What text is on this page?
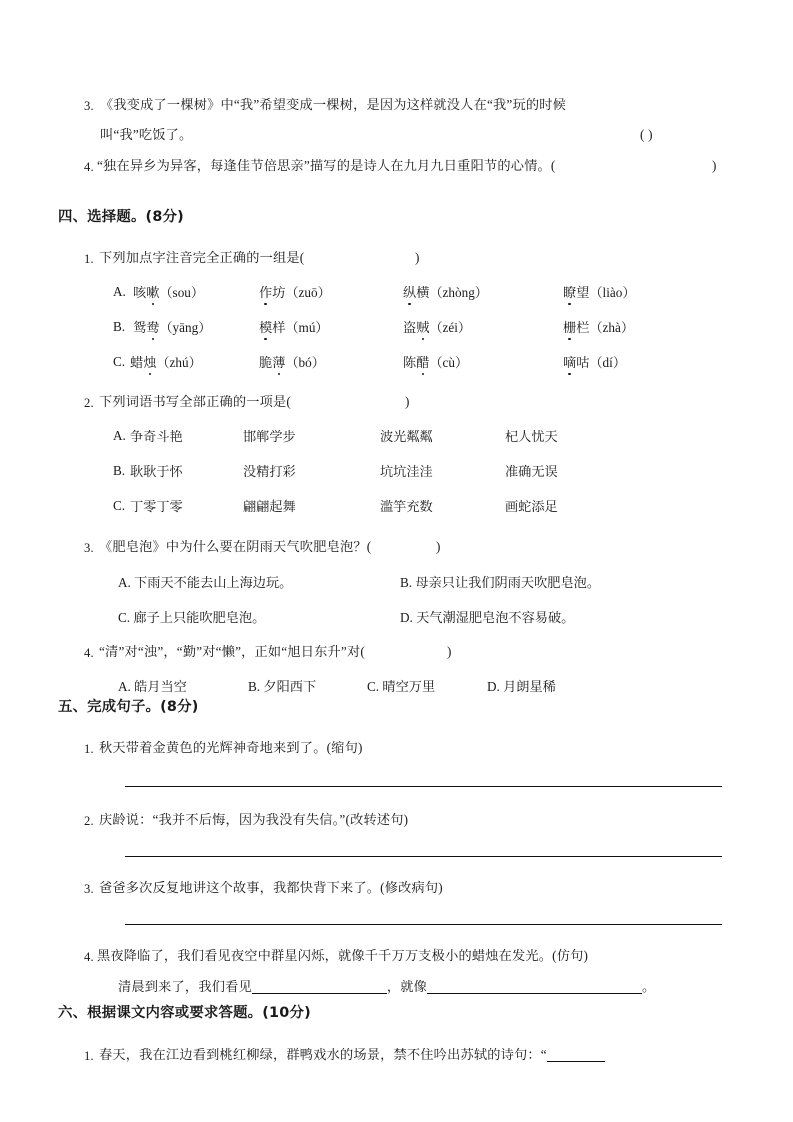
3. 《我变成了一棵树》中“我”希望变成一棵树，是因为这样就没人在“我”玩的时候
叫“我”吃饭了。	( )
4. “独在异乡为异客，每逢佳节倍思亲”描写的是诗人在九月九日重阳节的心情。(	)
四、选择题。(8分)
1. 下列加点字注音完全正确的一组是(	)
A. 咳嗽（sou）	作坊（zuō）	纵横（zhòng）	瞭望（liào）
B. 鸳鸯（yāng）	模样（mú）	盗贼（zéi）	栅栏（zhà）
C. 蜡烛（zhú）	脆薄（bó）	陈醋（cù）	嘀咕（dí）
2. 下列词语书写全部正确的一项是(	)
A. 争奇斗艳	邯郸学步	波光粼粼	杞人忧天
B. 耿耿于怀	没精打彩	坑坑洼洼	准确无误
C. 丁零丁零	翩翩起舞	滥竽充数	画蛇添足
3. 《肥皂泡》中为什么要在阴雨天气吹肥皂泡？(	)
A. 下雨天不能去山上海边玩。	B. 母亲只让我们阴雨天吹肥皂泡。
C. 廊子上只能吹肥皂泡。	D. 天气潮湿肥皂泡不容易破。
4. “清”对“浊”，“勤”对“懒”，正如“旭日东升”对(	)
A. 皓月当空	B. 夕阳西下	C. 晴空万里	D. 月朗星稀
五、完成句子。(8分)
1. 秋天带着金黄色的光辉神奇地来到了。(缩句)
2. 庆龄说：“我并不后悔，因为我没有失信。”(改转述句)
3. 爸爸多次反复地讲这个故事，我都快背下来了。(修改病句)
4. 黑夜降临了，我们看见夜空中群星闪烁，就像千千万万支极小的蜡烛在发光。(仿句)
清晨到来了，我们看见	，就像	。
六、根据课文内容或要求答题。(10分)
1. 春天，我在江边看到桃红柳绿，群鸭戏水的场景，禁不住吟出苏轼的诗句：“
